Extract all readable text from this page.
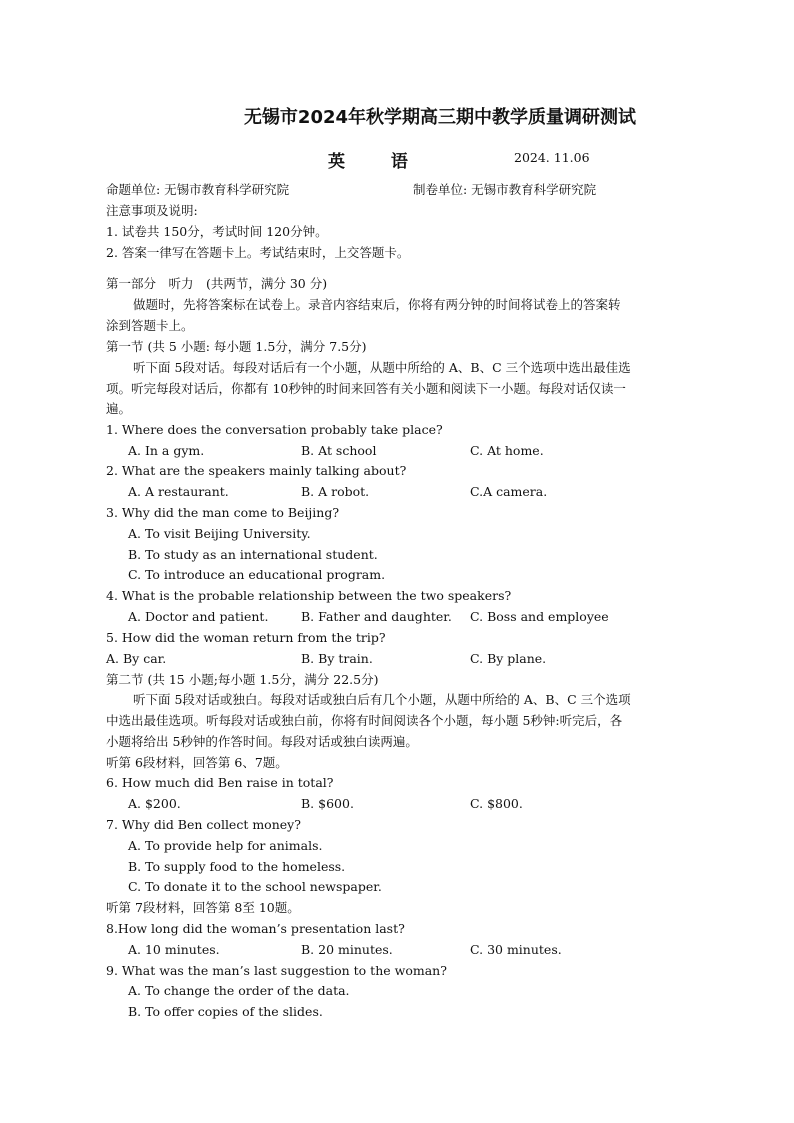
无锡市2024年秋学期高三期中教学质量调研测试
英 语	2024. 11.06
命题单位: 无锡市教育科学研究院	制卷单位: 无锡市教育科学研究院
注意事项及说明:
1. 试卷共 150分，考试时间 120分钟。
2. 答案一律写在答题卡上。考试结束时，上交答题卡。
第一部分　听力　(共两节，满分 30 分)
做题时，先将答案标在试卷上。录音内容结束后，你将有两分钟的时间将试卷上的答案转
涂到答题卡上。
第一节 (共 5 小题: 每小题 1.5分，满分 7.5分)
听下面 5段对话。每段对话后有一个小题，从题中所给的 A、B、C 三个选项中选出最佳选
项。听完每段对话后，你都有 10秒钟的时间来回答有关小题和阅读下一小题。每段对话仅读一
遍。
1. Where does the conversation probably take place?
A. In a gym.	B. At school	C. At home.
2. What are the speakers mainly talking about?
A. A restaurant.	B. A robot.	C.A camera.
3. Why did the man come to Beijing?
A. To visit Beijing University.
B. To study as an international student.
C. To introduce an educational program.
4. What is the probable relationship between the two speakers?
A. Doctor and patient.	B. Father and daughter. C. Boss and employee
5. How did the woman return from the trip?
A. By car.	B. By train.	C. By plane.
第二节 (共 15 小题;每小题 1.5分，满分 22.5分)
听下面 5段对话或独白。每段对话或独白后有几个小题，从题中所给的 A、B、C 三个选项
中选出最佳选项。听每段对话或独白前，你将有时间阅读各个小题，每小题 5秒钟:听完后，各
小题将给出 5秒钟的作答时间。每段对话或独白读两遍。
听第 6段材料，回答第 6、7题。
6. How much did Ben raise in total?
A. $200.	B. $600.	C. $800.
7. Why did Ben collect money?
A. To provide help for animals.
B. To supply food to the homeless.
C. To donate it to the school newspaper.
听第 7段材料，回答第 8至 10题。
8.How long did the woman’s presentation last?
A. 10 minutes.	B. 20 minutes.	C. 30 minutes.
9. What was the man’s last suggestion to the woman?
A. To change the order of the data.
B. To offer copies of the slides.
